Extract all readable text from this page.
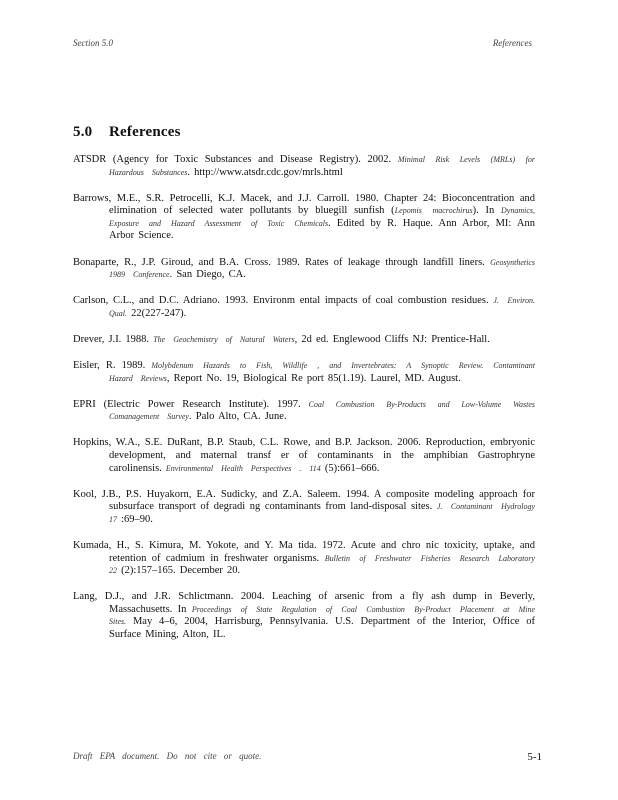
Section 5.0	References
5.0 References

ATSDR (Agency for Toxic Substances and Disease Registry). 2002. Minimal Risk Levels (MRLs) for Hazardous Substances. http://www.atsdr.cdc.gov/mrls.html

Barrows, M.E., S.R. Petrocelli, K.J. Macek, and J.J. Carroll. 1980. Chapter 24: Bioconcentration and elimination of selected water pollutants by bluegill sunfish (Lepomis macrochirus). In Dynamics, Exposure and Hazard Assessment of Toxic Chemicals. Edited by R. Haque. Ann Arbor, MI: Ann Arbor Science.

Bonaparte, R., J.P. Giroud, and B.A. Cross. 1989. Rates of leakage through landfill liners. Geosynthetics 1989 Conference. San Diego, CA.

Carlson, C.L., and D.C. Adriano. 1993. Environm ental impacts of coal combustion residues. J. Environ. Qual. 22(227-247).

Drever, J.I. 1988. The Geochemistry of Natural Waters, 2d ed. Englewood Cliffs NJ: Prentice-Hall.

Eisler, R. 1989. Molybdenum Hazards to Fish, Wildlife , and Invertebrates: A Synoptic Review. Contaminant Hazard Reviews, Report No. 19, Biological Re port 85(1.19). Laurel, MD. August.

EPRI (Electric Power Research Institute). 1997. Coal Combustion By-Products and Low-Volume Wastes Comanagement Survey. Palo Alto, CA. June.

Hopkins, W.A., S.E. DuRant, B.P. Staub, C.L. Rowe, and B.P. Jackson. 2006. Reproduction, embryonic development, and maternal transf er of contaminants in the amphibian Gastrophryne carolinensis. Environmental Health Perspectives . 114 (5):661–666.

Kool, J.B., P.S. Huyakorn, E.A. Sudicky, and Z.A. Saleem. 1994. A composite modeling approach for subsurface transport of degradi ng contaminants from land-disposal sites. J. Contaminant Hydrology 17 :69–90.

Kumada, H., S. Kimura, M. Yokote, and Y. Ma tida. 1972. Acute and chro nic toxicity, uptake, and retention of cadmium in freshwater organisms. Bulletin of Freshwater Fisheries Research Laboratory 22 (2):157–165. December 20.

Lang, D.J., and J.R. Schlictmann. 2004. Leaching of arsenic from a fly ash dump in Beverly, Massachusetts. In Proceedings of State Regulation of Coal Combustion By-Product Placement at Mine Sites. May 4–6, 2004, Harrisburg, Pennsylvania. U.S. Department of the Interior, Office of Surface Mining, Alton, IL.

Draft EPA document. Do not cite or quote.	5-1
